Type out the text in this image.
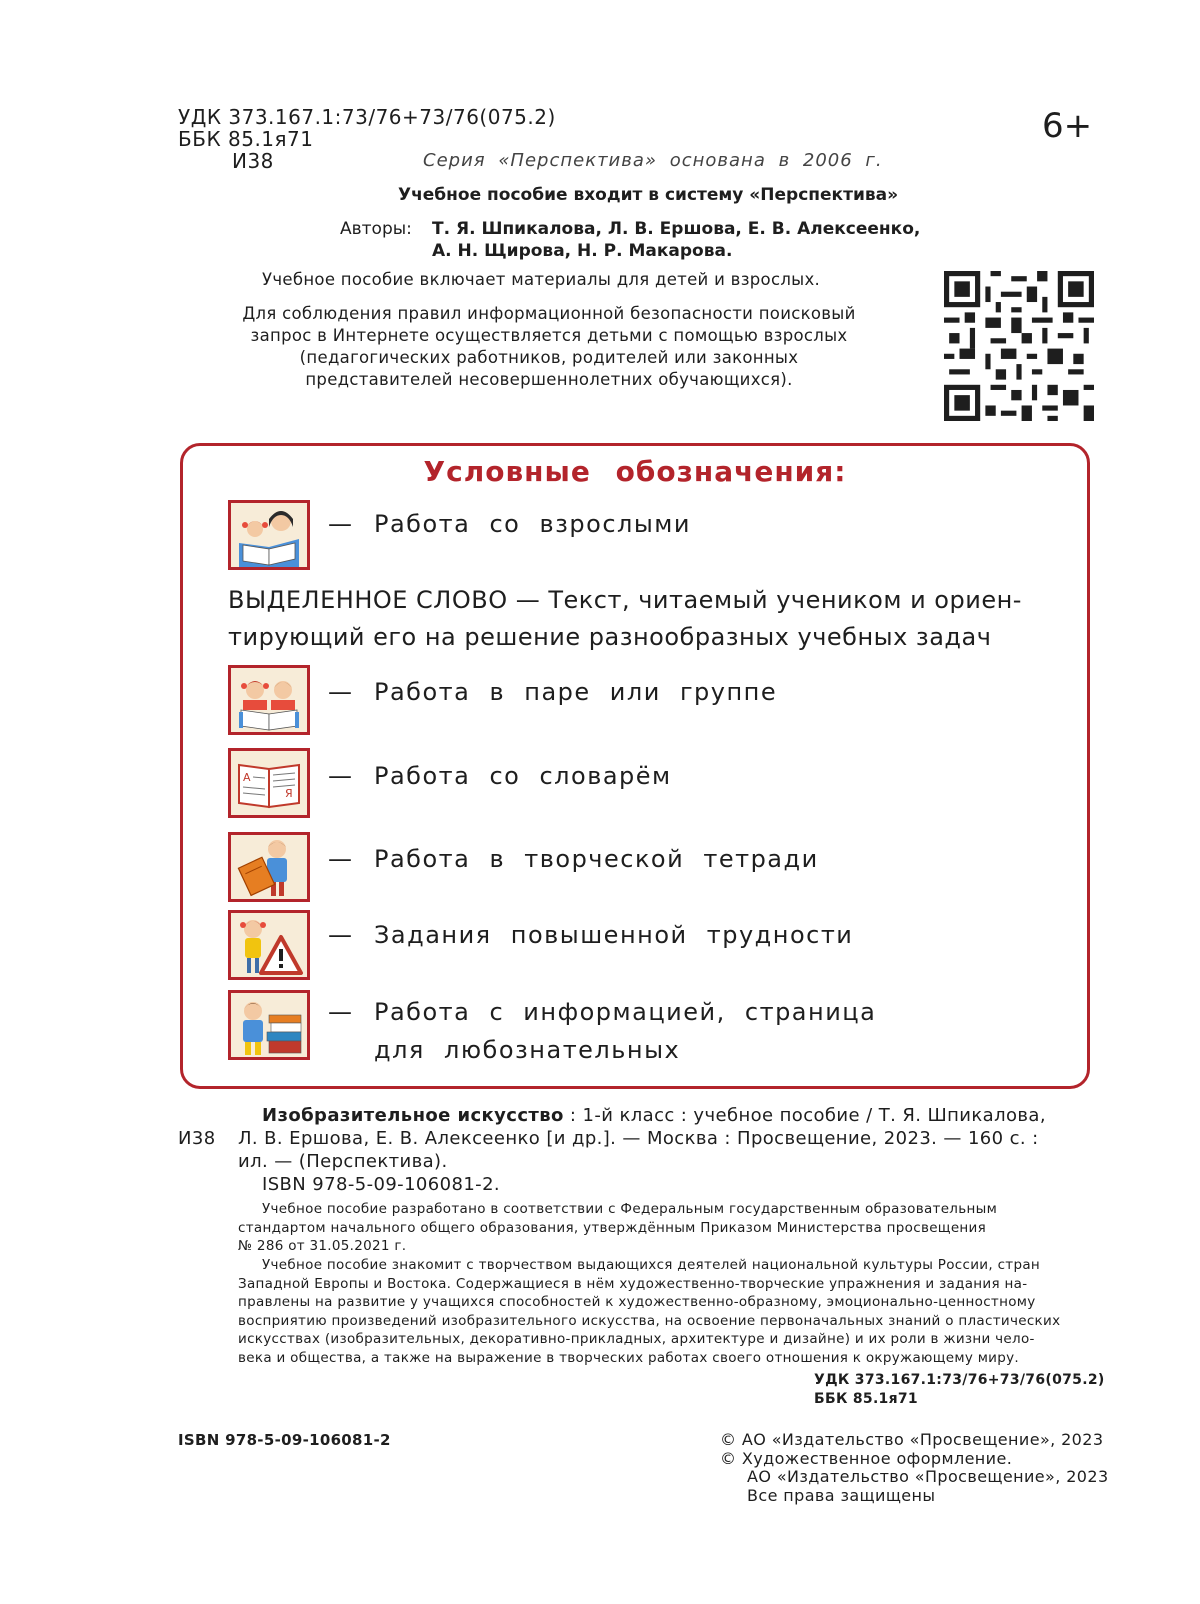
УДК 373.167.1:73/76+73/76(075.2)
ББК 85.1я71
И38
6+
Серия «Перспектива» основана в 2006 г.
Учебное пособие входит в систему «Перспектива»
Авторы: Т. Я. Шпикалова, Л. В. Ершова, Е. В. Алексеенко,
А. Н. Щирова, Н. Р. Макарова.
Учебное пособие включает материалы для детей и взрослых.
Для соблюдения правил информационной безопасности поисковый
запрос в Интернете осуществляется детьми с помощью взрослых
(педагогических работников, родителей или законных
представителей несовершеннолетних обучающихся).
Условные обозначения:
— Работа со взрослыми
ВЫДЕЛЕННОЕ СЛОВО — Текст, читаемый учеником и ориен-
тирующий его на решение разнообразных учебных задач
— Работа в паре или группе
А
Я
— Работа со словарём
— Работа в творческой тетради
— Задания повышенной трудности
— Работа с информацией, страница
для любознательных
Изобразительное искусство : 1-й класс : учебное пособие / Т. Я. Шпикалова,
И38 Л. В. Ершова, Е. В. Алексеенко [и др.]. — Москва : Просвещение, 2023. — 160 с. :
ил. — (Перспектива).
ISBN 978-5-09-106081-2.
Учебное пособие разработано в соответствии с Федеральным государственным образовательным
стандартом начального общего образования, утверждённым Приказом Министерства просвещения
№ 286 от 31.05.2021 г.
Учебное пособие знакомит с творчеством выдающихся деятелей национальной культуры России, стран
Западной Европы и Востока. Содержащиеся в нём художественно-творческие упражнения и задания на-
правлены на развитие у учащихся способностей к художественно-образному, эмоционально-ценностному
восприятию произведений изобразительного искусства, на освоение первоначальных знаний о пластических
искусствах (изобразительных, декоративно-прикладных, архитектуре и дизайне) и их роли в жизни чело-
века и общества, а также на выражение в творческих работах своего отношения к окружающему миру.
УДК 373.167.1:73/76+73/76(075.2)
ББК 85.1я71
ISBN 978-5-09-106081-2	© АО «Издательство «Просвещение», 2023
© Художественное оформление.
АО «Издательство «Просвещение», 2023
Все права защищены
